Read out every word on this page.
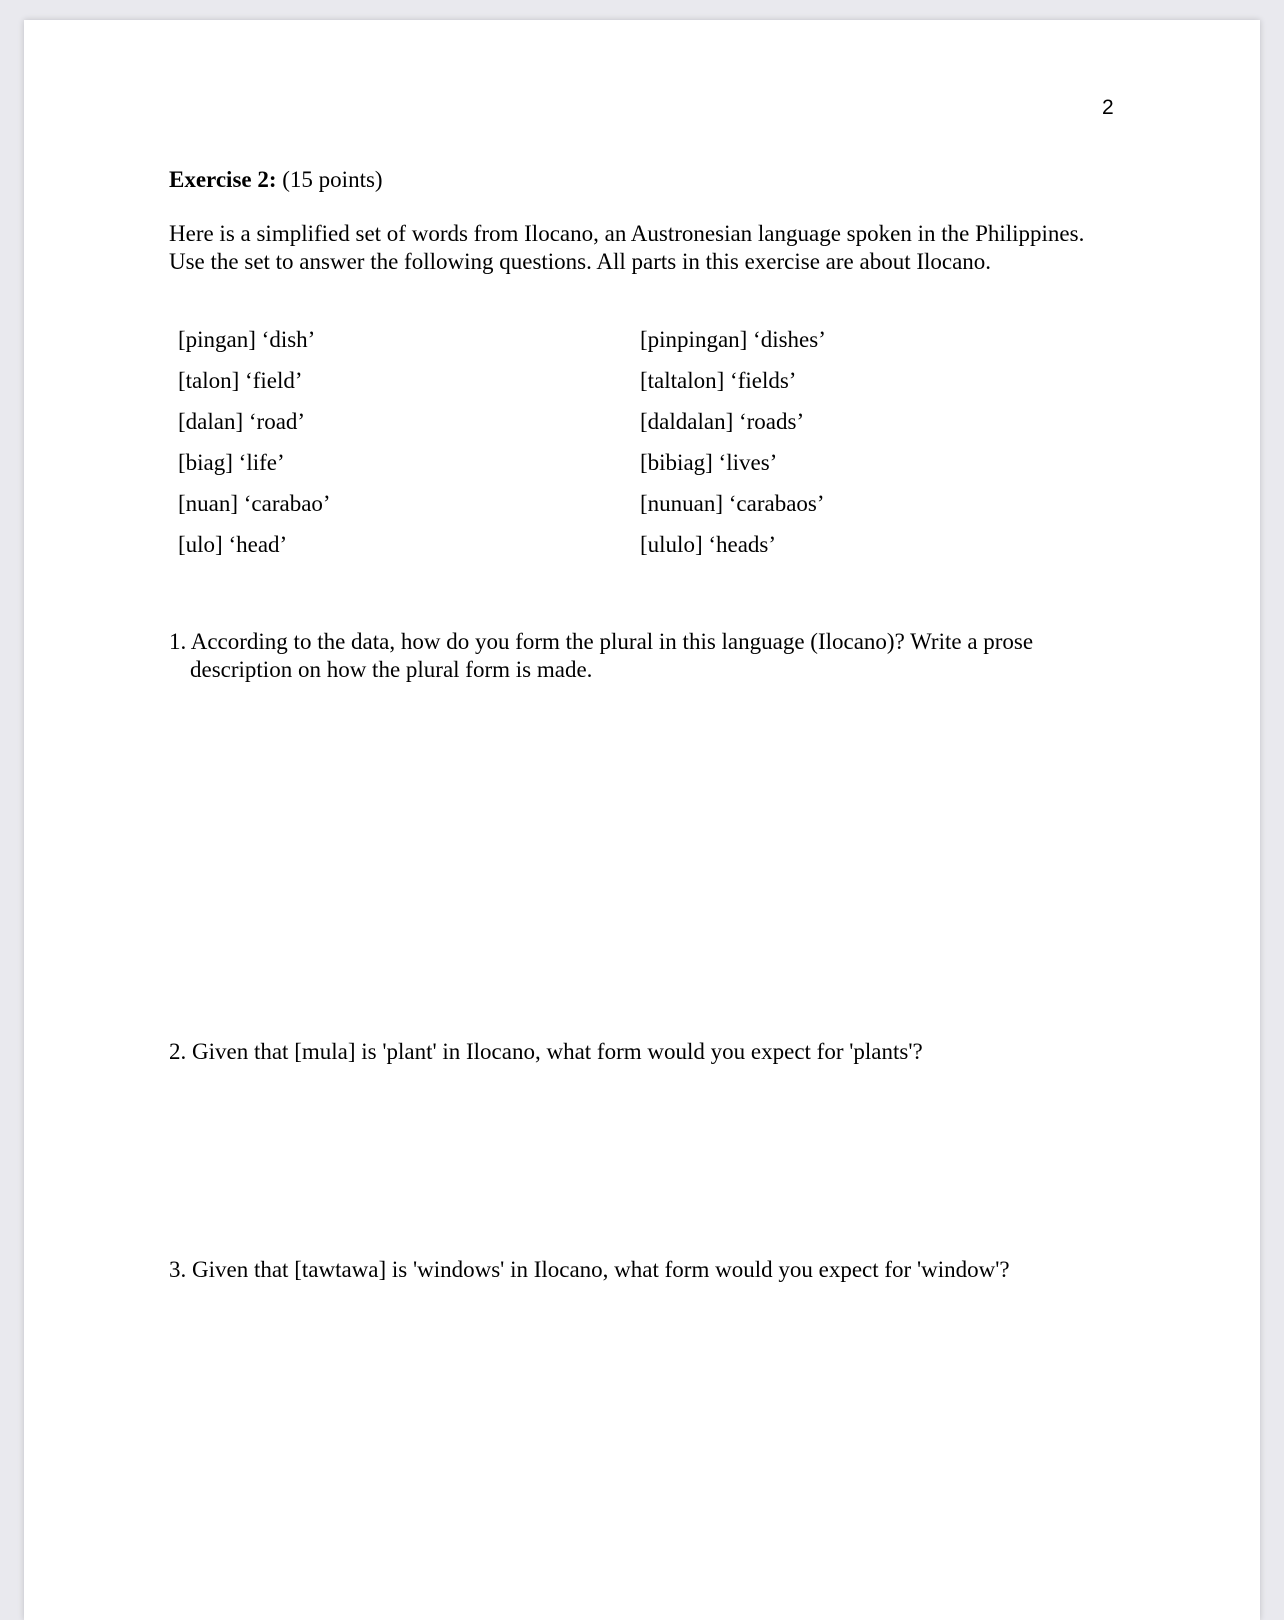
2
Exercise 2: (15 points)

Here is a simplified set of words from Ilocano, an Austronesian language spoken in the Philippines. Use the set to answer the following questions. All parts in this exercise are about Ilocano.

[pingan] ‘dish’	[pinpingan] ‘dishes’
[talon] ‘field’	[taltalon] ‘fields’
[dalan] ‘road’	[daldalan] ‘roads’
[biag] ‘life’	[bibiag] ‘lives’
[nuan] ‘carabao’	[nunuan] ‘carabaos’
[ulo] ‘head’	[ululo] ‘heads’

1. According to the data, how do you form the plural in this language (Ilocano)? Write a prose
description on how the plural form is made.

2. Given that [mula] is 'plant' in Ilocano, what form would you expect for 'plants'?

3. Given that [tawtawa] is 'windows' in Ilocano, what form would you expect for 'window'?
